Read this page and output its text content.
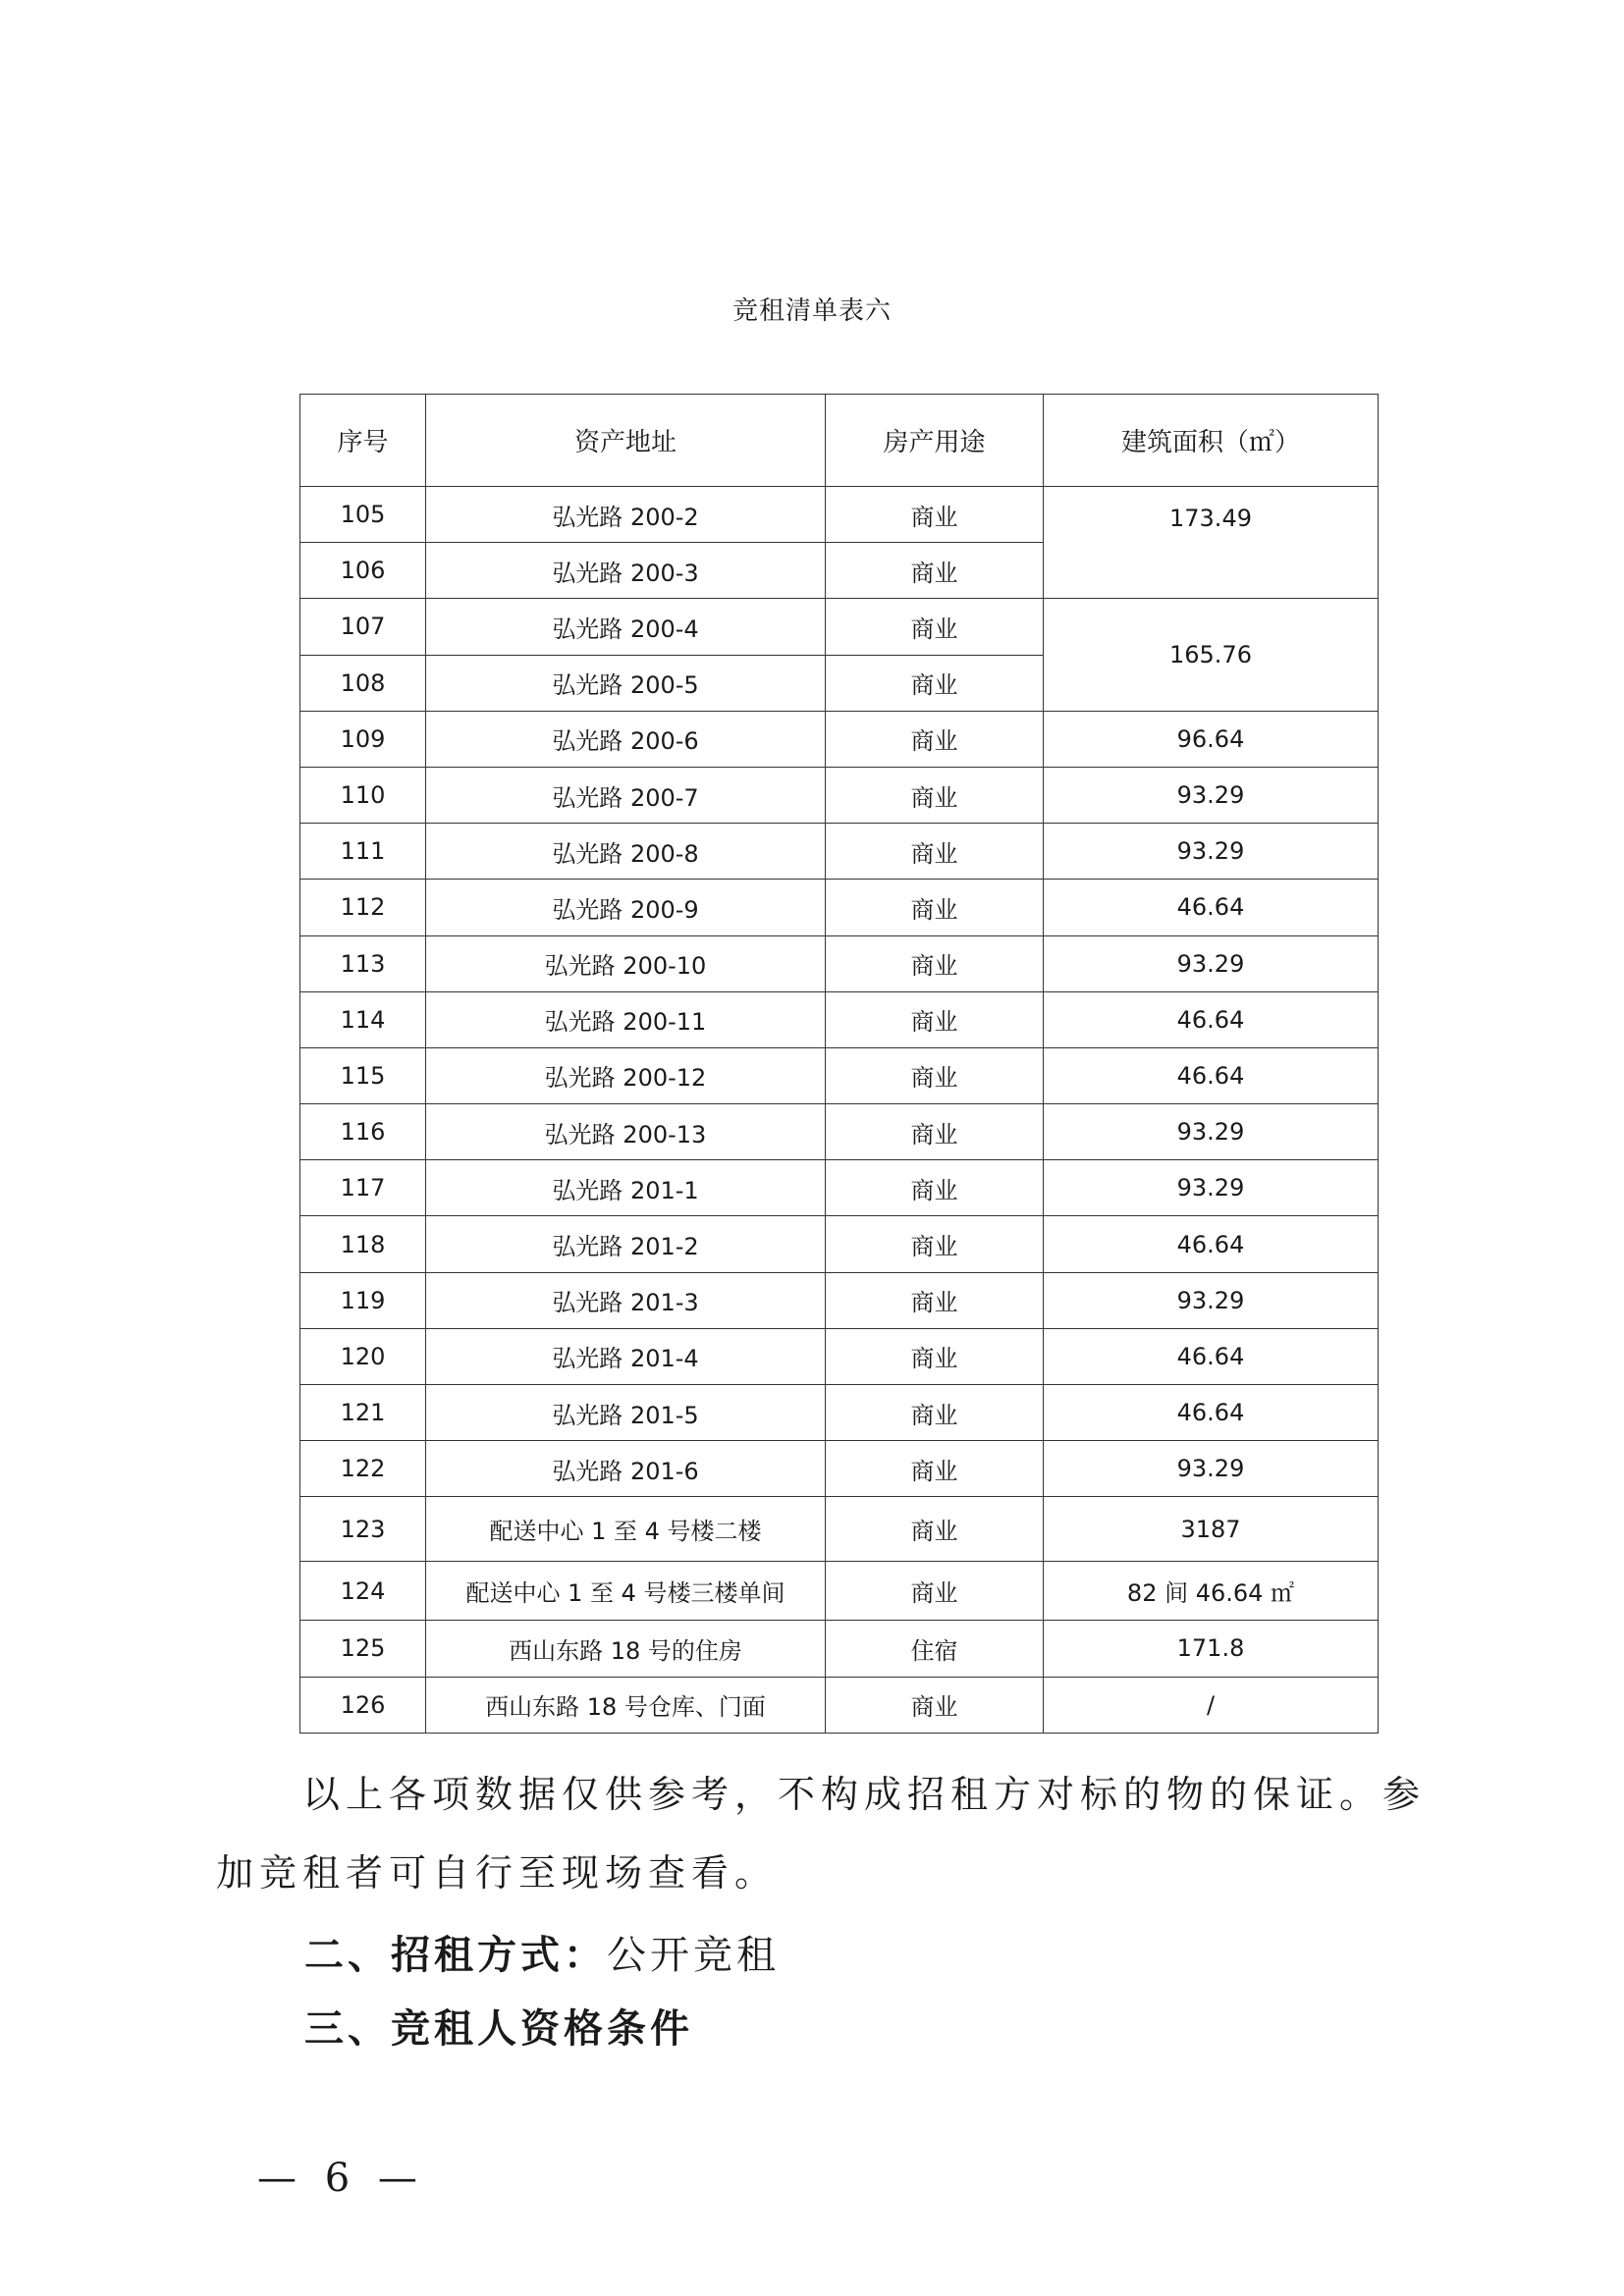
竞租清单表六
序号	资产地址	房产用途	建筑面积（㎡）
105	弘光路 200-2	商业	173.49
106	弘光路 200-3	商业	
107	弘光路 200-4	商业	165.76
108	弘光路 200-5	商业	
109	弘光路 200-6	商业	96.64
110	弘光路 200-7	商业	93.29
111	弘光路 200-8	商业	93.29
112	弘光路 200-9	商业	46.64
113	弘光路 200-10	商业	93.29
114	弘光路 200-11	商业	46.64
115	弘光路 200-12	商业	46.64
116	弘光路 200-13	商业	93.29
117	弘光路 201-1	商业	93.29
118	弘光路 201-2	商业	46.64
119	弘光路 201-3	商业	93.29
120	弘光路 201-4	商业	46.64
121	弘光路 201-5	商业	46.64
122	弘光路 201-6	商业	93.29
123	配送中心 1 至 4 号楼二楼	商业	3187
124	配送中心 1 至 4 号楼三楼单间	商业	82 间 46.64 ㎡
125	西山东路 18 号的住房	住宿	171.8
126	西山东路 18 号仓库、门面	商业	/
以上各项数据仅供参考，不构成招租方对标的物的保证。参加竞租者可自行至现场查看。
二、招租方式：公开竞租
三、竞租人资格条件
— 6 —
